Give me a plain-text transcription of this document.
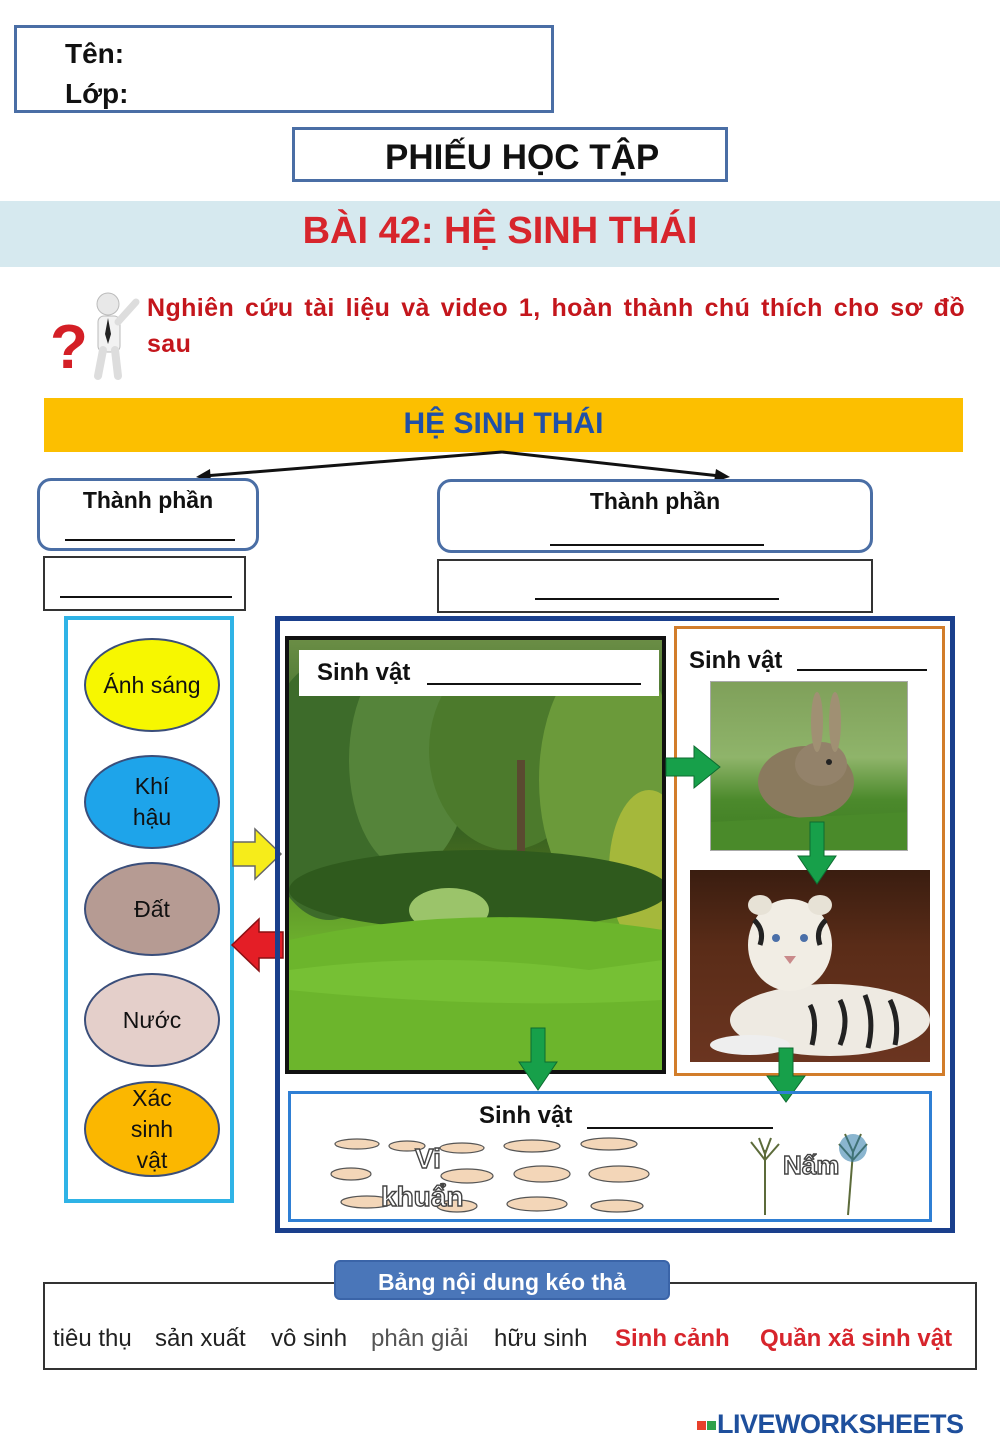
Tên:
Lớp:
PHIẾU HỌC TẬP
BÀI 42: HỆ SINH THÁI
?
Nghiên cứu tài liệu và video 1, hoàn thành chú thích cho sơ đồ sau
HỆ SINH THÁI
Thành phần	Thành phần
Ánh sáng
Khí hậu
Đất
Nước
Xác sinh vật
Sinh vật	Sinh vật
Sinh vật
Vi
khuẩn
Nấm
Bảng nội dung kéo thả
tiêu thụ sản xuất vô sinh phân giải hữu sinh Sinh cảnh Quần xã sinh vật
LIVEWORKSHEETS
